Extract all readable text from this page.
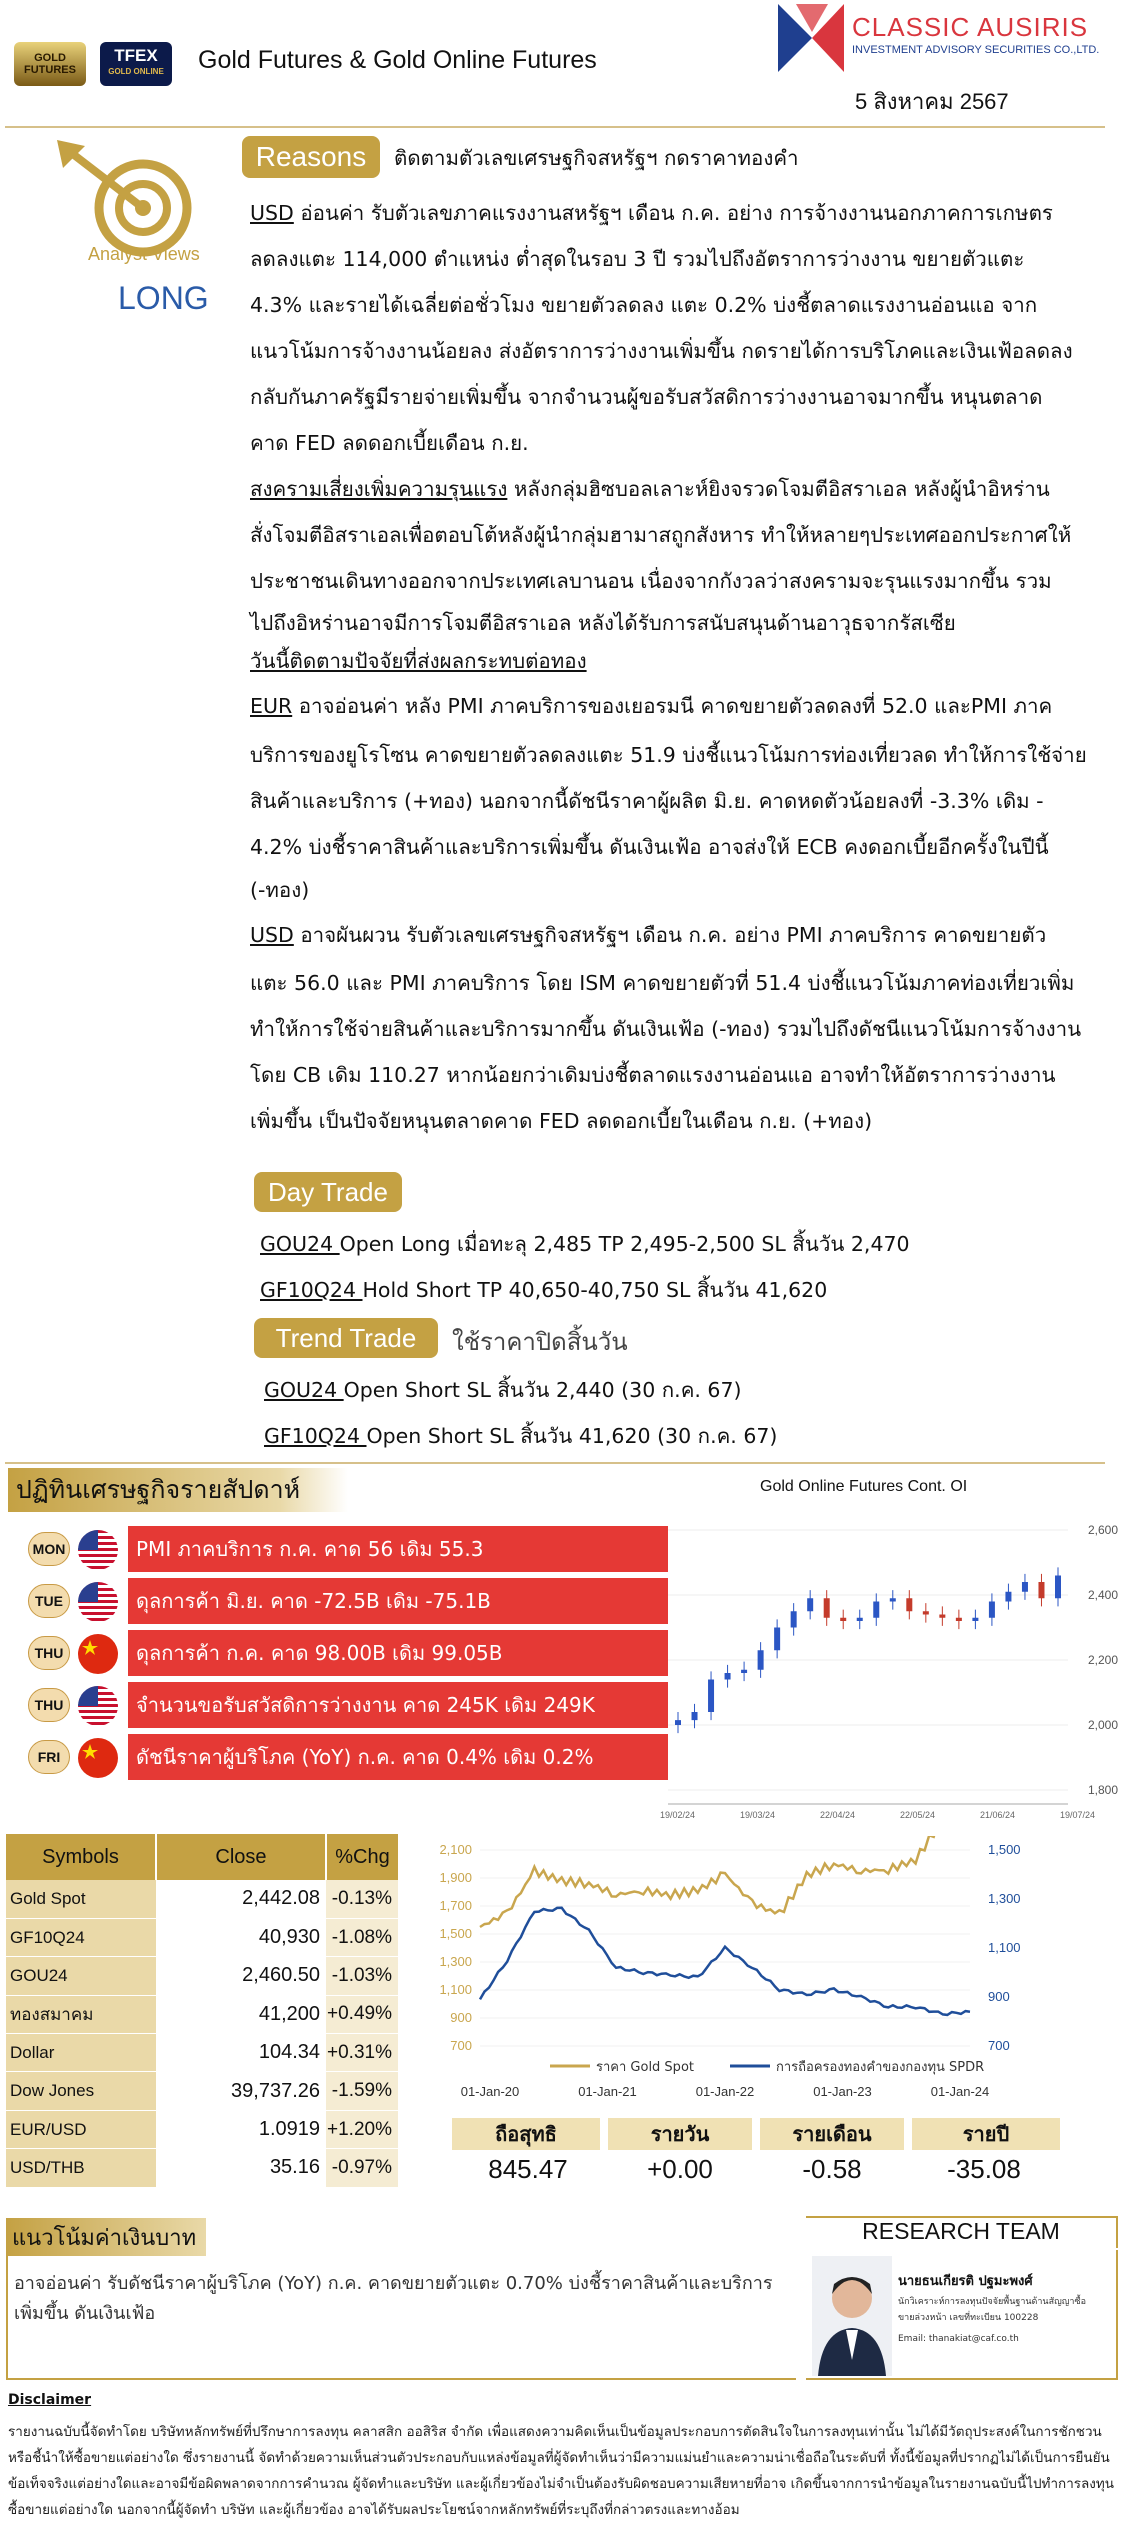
GOLD FUTURES
TFEX
GOLD ONLINE Gold Futures & Gold Online Futures
CLASSIC AUSIRIS
INVESTMENT ADVISORY SECURITIES CO.,LTD.
5 สิงหาคม 2567
Analyst Views
LONG
Reasons	ติดตามตัวเลขเศรษฐกิจสหรัฐฯ กดราคาทองคำ

USD อ่อนค่า รับตัวเลขภาคแรงงานสหรัฐฯ เดือน ก.ค. อย่าง การจ้างงานนอกภาคการเกษตร

ลดลงแตะ 114,000 ตำแหน่ง ต่ำสุดในรอบ 3 ปี รวมไปถึงอัตราการว่างงาน ขยายตัวแตะ

4.3% และรายได้เฉลี่ยต่อชั่วโมง ขยายตัวลดลง แตะ 0.2% บ่งชี้ตลาดแรงงานอ่อนแอ จาก

แนวโน้มการจ้างงานน้อยลง ส่งอัตราการว่างงานเพิ่มขึ้น กดรายได้การบริโภคและเงินเฟ้อลดลง

กลับกันภาครัฐมีรายจ่ายเพิ่มขึ้น จากจำนวนผู้ขอรับสวัสดิการว่างงานอาจมากขึ้น หนุนตลาด

คาด FED ลดดอกเบี้ยเดือน ก.ย.

สงครามเสี่ยงเพิ่มความรุนแรง หลังกลุ่มฮิซบอลเลาะห์ยิงจรวดโจมตีอิสราเอล หลังผู้นำอิหร่าน

สั่งโจมตีอิสราเอลเพื่อตอบโต้หลังผู้นำกลุ่มฮามาสถูกสังหาร ทำให้หลายๆประเทศออกประกาศให้

ประชาชนเดินทางออกจากประเทศเลบานอน เนื่องจากกังวลว่าสงครามจะรุนแรงมากขึ้น รวม

ไปถึงอิหร่านอาจมีการโจมตีอิสราเอล หลังได้รับการสนับสนุนด้านอาวุธจากรัสเซีย

วันนี้ติดตามปัจจัยที่ส่งผลกระทบต่อทอง

EUR อาจอ่อนค่า หลัง PMI ภาคบริการของเยอรมนี คาดขยายตัวลดลงที่ 52.0 และPMI ภาค

บริการของยูโรโซน คาดขยายตัวลดลงแตะ 51.9 บ่งชี้แนวโน้มการท่องเที่ยวลด ทำให้การใช้จ่าย

สินค้าและบริการ (+ทอง) นอกจากนี้ดัชนีราคาผู้ผลิต มิ.ย. คาดหดตัวน้อยลงที่ -3.3% เดิม -

4.2% บ่งชี้ราคาสินค้าและบริการเพิ่มขึ้น ดันเงินเฟ้อ อาจส่งให้ ECB คงดอกเบี้ยอีกครั้งในปีนี้

(-ทอง)

USD อาจผันผวน รับตัวเลขเศรษฐกิจสหรัฐฯ เดือน ก.ค. อย่าง PMI ภาคบริการ คาดขยายตัว

แตะ 56.0 และ PMI ภาคบริการ โดย ISM คาดขยายตัวที่ 51.4 บ่งชี้แนวโน้มภาคท่องเที่ยวเพิ่ม

ทำให้การใช้จ่ายสินค้าและบริการมากขึ้น ดันเงินเฟ้อ (-ทอง) รวมไปถึงดัชนีแนวโน้มการจ้างงาน

โดย CB เดิม 110.27 หากน้อยกว่าเดิมบ่งชี้ตลาดแรงงานอ่อนแอ อาจทำให้อัตราการว่างงาน

เพิ่มขึ้น เป็นปัจจัยหนุนตลาดคาด FED ลดดอกเบี้ยในเดือน ก.ย. (+ทอง)

Day Trade
GOU24 Open Long เมื่อทะลุ 2,485 TP 2,495-2,500 SL สิ้นวัน 2,470
GF10Q24 Hold Short TP 40,650-40,750 SL สิ้นวัน 41,620
Trend Trade	ใช้ราคาปิดสิ้นวัน
GOU24 Open Short SL สิ้นวัน 2,440 (30 ก.ค. 67)
GF10Q24 Open Short SL สิ้นวัน 41,620 (30 ก.ค. 67)
ปฏิทินเศรษฐกิจรายสัปดาห์
MON	PMI ภาคบริการ ก.ค. คาด 56 เดิม 55.3
TUE	ดุลการค้า มิ.ย. คาด -72.5B เดิม -75.1B
THU	ดุลการค้า ก.ค. คาด 98.00B เดิม 99.05B
THU	จำนวนขอรับสวัสดิการว่างงาน คาด 245K เดิม 249K
FRI	ดัชนีราคาผู้บริโภค (YoY) ก.ค. คาด 0.4% เดิม 0.2%
Gold Online Futures Cont. OI
2,600
2,400
2,200
2,000
1,800
19/02/24	19/03/24	22/04/24	22/05/24	21/06/24	19/07/24
Symbols	Close	%Chg
Gold Spot	2,442.08	-0.13%
GF10Q24	40,930	-1.08%
GOU24	2,460.50	-1.03%
ทองสมาคม	41,200	+0.49%
Dollar	104.34	+0.31%
Dow Jones	39,737.26	-1.59%
EUR/USD	1.0919	+1.20%
USD/THB	35.16	-0.97%
2,100
1,900
1,700
1,500
1,300
1,100
900
700
1,500
1,300
1,100
900
700
01-Jan-20	01-Jan-21	01-Jan-22	01-Jan-23	01-Jan-24
ราคา Gold Spot	การถือครองทองคำของกองทุน SPDR
ถือสุทธิ	รายวัน	รายเดือน	รายปี
845.47	+0.00	-0.58	-35.08
แนวโน้มค่าเงินบาท
อาจอ่อนค่า รับดัชนีราคาผู้บริโภค (YoY) ก.ค. คาดขยายตัวแตะ 0.70% บ่งชี้ราคาสินค้าและบริการ
เพิ่มขึ้น ดันเงินเฟ้อ
RESEARCH TEAM
นายธนเกียรติ ปฐมะพงศ์
นักวิเคราะห์การลงทุนปัจจัยพื้นฐานด้านสัญญาซื้อ
ขายล่วงหน้า เลขที่ทะเบียน 100228
Email: thanakiat@caf.co.th
Disclaimer
รายงานฉบับนี้จัดทำโดย บริษัทหลักทรัพย์ที่ปรึกษาการลงทุน คลาสสิก ออสิริส จำกัด เพื่อแสดงความคิดเห็นเป็นข้อมูลประกอบการตัดสินใจในการลงทุนเท่านั้น ไม่ได้มีวัตถุประสงค์ในการชักชวน
หรือชี้นำให้ซื้อขายแต่อย่างใด ซึ่งรายงานนี้ จัดทำด้วยความเห็นส่วนตัวประกอบกับแหล่งข้อมูลที่ผู้จัดทำเห็นว่ามีความแม่นยำและความน่าเชื่อถือในระดับที่ ทั้งนี้ข้อมูลที่ปรากฏไม่ได้เป็นการยืนยัน
ข้อเท็จจริงแต่อย่างใดและอาจมีข้อผิดพลาดจากการคำนวณ ผู้จัดทำและบริษัท และผู้เกี่ยวข้องไม่จำเป็นต้องรับผิดชอบความเสียหายที่อาจ เกิดขึ้นจากการนำข้อมูลในรายงานฉบับนี้ไปทำการลงทุน
ซื้อขายแต่อย่างใด นอกจากนี้ผู้จัดทำ บริษัท และผู้เกี่ยวข้อง อาจได้รับผลประโยชน์จากหลักทรัพย์ที่ระบุถึงที่กล่าวตรงและทางอ้อม
